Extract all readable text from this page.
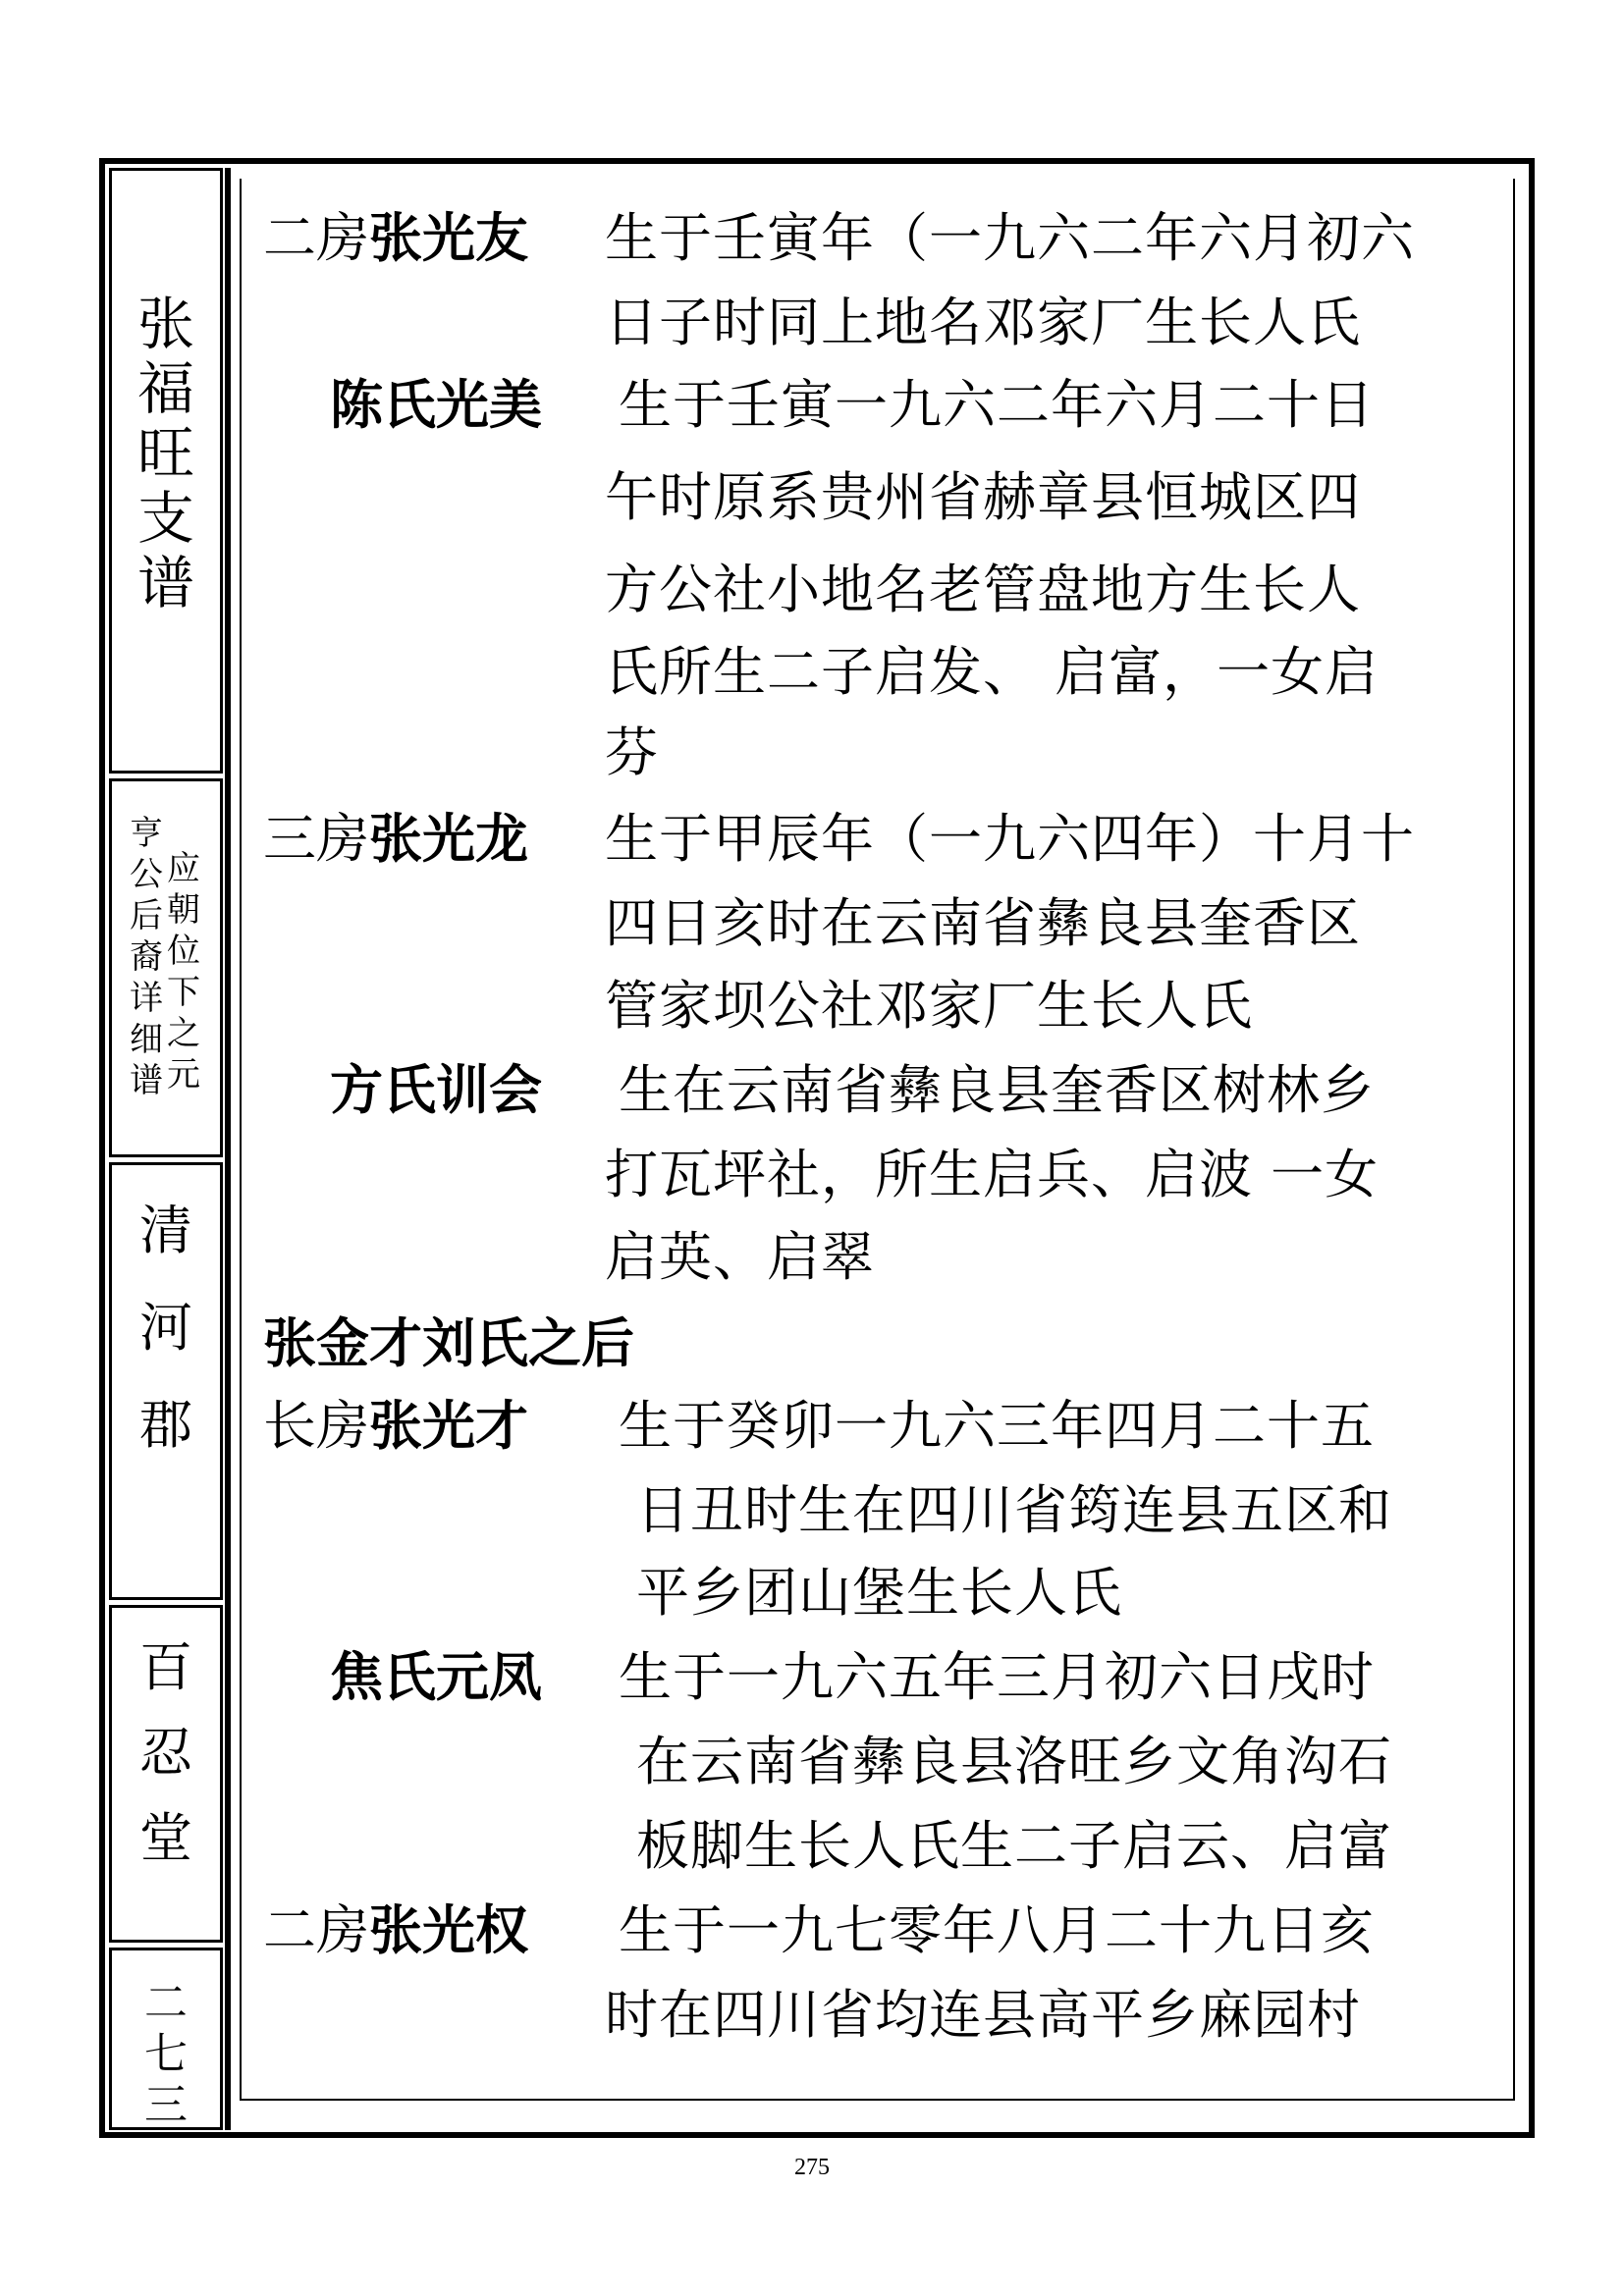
张
福
旺
支
谱
亨
公
后
裔
详
细
谱
应
朝
位
下
之
元
清
河
郡
百
忍
堂
二
七
三
二房张光友 生于壬寅年（一九六二年六月初六
日子时同上地名邓家厂生长人氏
陈氏光美 生于壬寅一九六二年六月二十日
午时原系贵州省赫章县恒城区四
方公社小地名老管盘地方生长人
氏所生二子启发、 启富，一女启
芬
三房张光龙 生于甲辰年（一九六四年）十月十
四日亥时在云南省彝良县奎香区
管家坝公社邓家厂生长人氏
方氏训会 生在云南省彝良县奎香区树林乡
打瓦坪社，所生启兵、启波 一女
启英、启翠
张金才刘氏之后
长房张光才 生于癸卯一九六三年四月二十五
日丑时生在四川省筠连县五区和
平乡团山堡生长人氏
焦氏元凤 生于一九六五年三月初六日戌时
在云南省彝良县洛旺乡文角沟石
板脚生长人氏生二子启云、启富
二房张光权 生于一九七零年八月二十九日亥
时在四川省均连县高平乡麻园村
275
